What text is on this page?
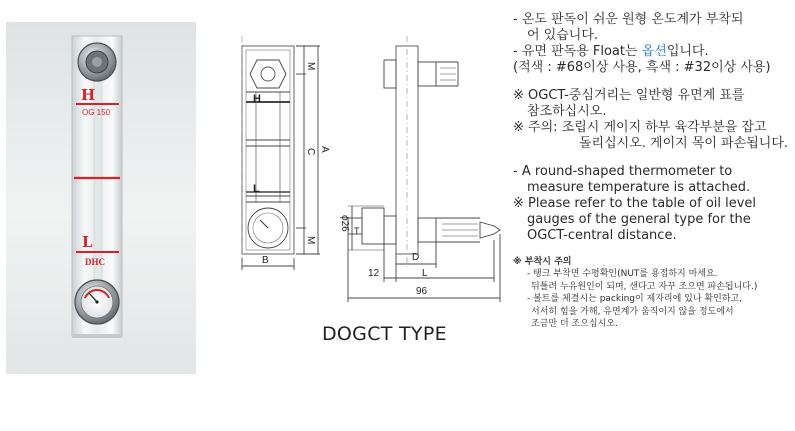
H
OG 150
L
DHC
H
L
M
C A
M
B
T
ϕ26
D
12	L
96
DOGCT TYPE

- 온도 판독이 쉬운 원형 온도계가 부착되

어 있습니다.

- 유면 판독용 Float는 옵션입니다.

(적색 : #68이상 사용, 흑색 : #32이상 사용)

※ OGCT-중심거리는 일반형 유면계 표를

참조하십시오.

※ 주의: 조립시 게이지 하부 육각부분을 잡고

돌리십시오. 게이지 목이 파손됩니다.

- A round-shaped thermometer to

measure temperature is attached.

※ Please refer to the table of oil level

gauges of the general type for the

OGCT-central distance.

※ 부착시 주의

- 탱크 부착면 수평확인(NUT를 용접하지 마세요.

뒤틀려 누유원인이 되며, 샌다고 자꾸 조으면 파손됩니다.)

- 볼트를 체결시는 packing이 제자리에 있나 확인하고,

서서히 힘을 가해, 유면계가 움직이지 않을 정도에서

조금만 더 조으십시오.
